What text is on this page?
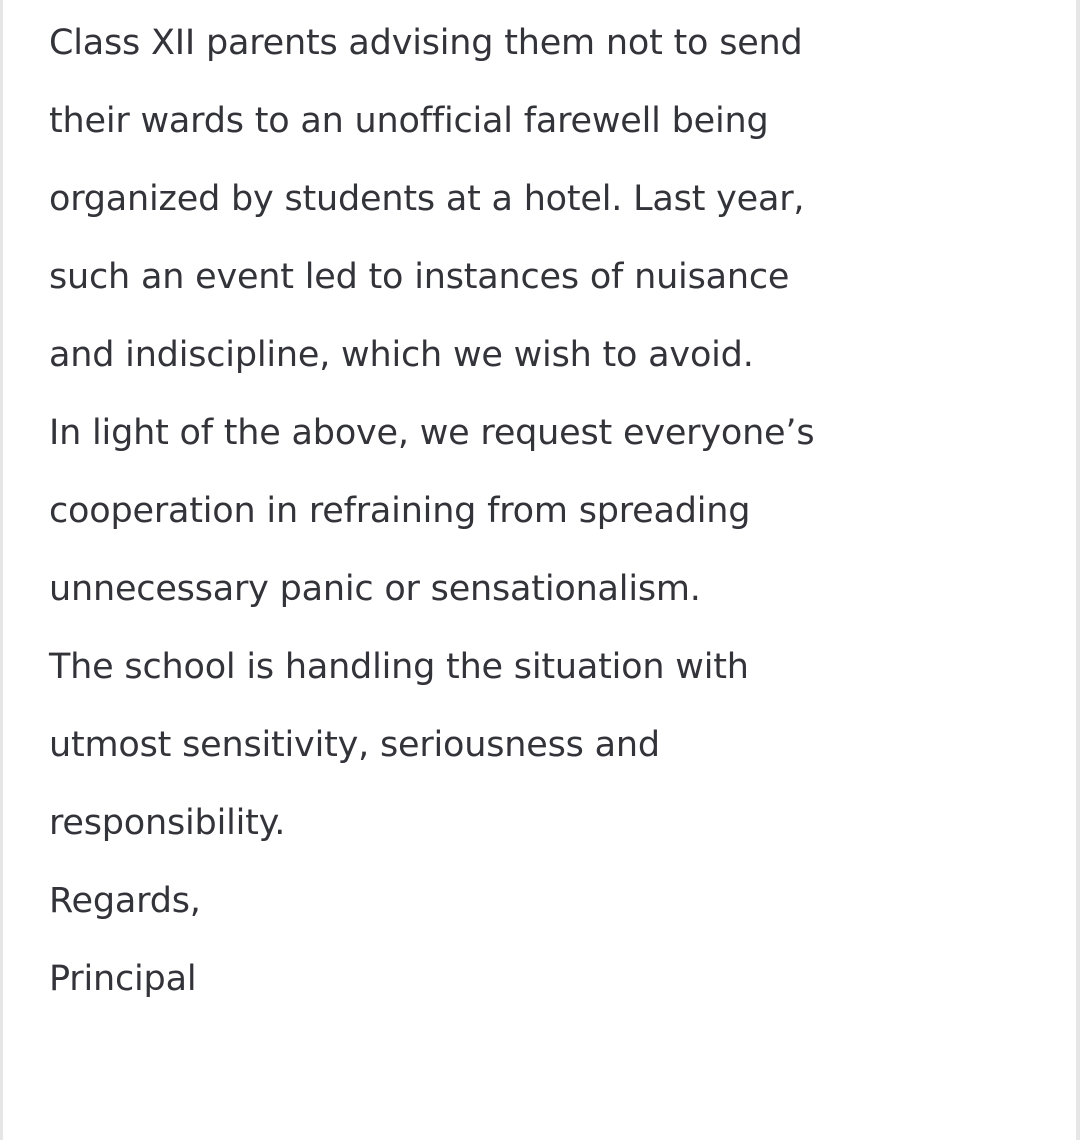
Class XII parents advising them not to send
their wards to an unofficial farewell being
organized by students at a hotel. Last year,
such an event led to instances of nuisance
and indiscipline, which we wish to avoid.
In light of the above, we request everyone’s
cooperation in refraining from spreading
unnecessary panic or sensationalism.
The school is handling the situation with
utmost sensitivity, seriousness and
responsibility.
Regards,
Principal
